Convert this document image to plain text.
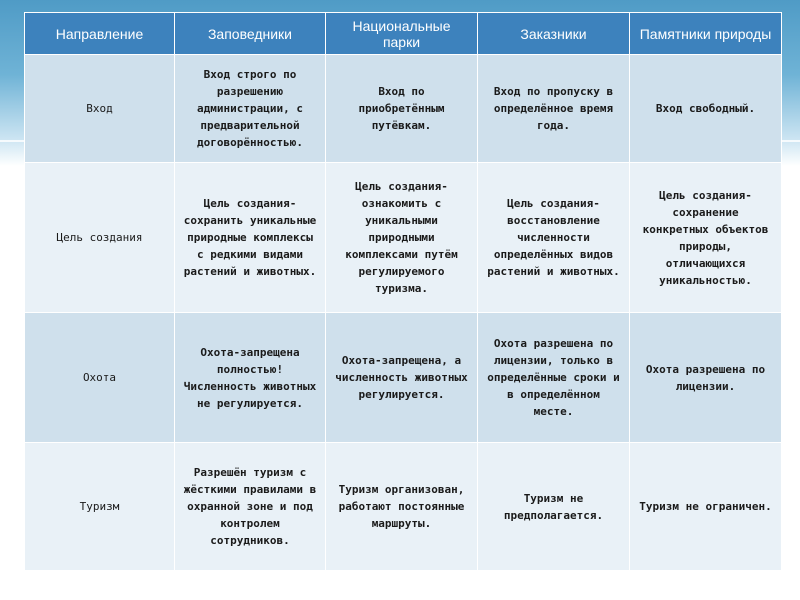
Направление	Заповедники	Национальные парки	Заказники	Памятники природы
Вход	Вход строго по разрешению администрации, с предварительной договорённостью.	Вход по приобретённым путёвкам.	Вход по пропуску в определённое время года.	Вход свободный.
Цель создания	Цель создания-сохранить уникальные природные комплексы с редкими видами растений и животных.	Цель создания-ознакомить с уникальными природными комплексами путём регулируемого туризма.	Цель создания-восстановление численности определённых видов растений и животных.	Цель создания-сохранение конкретных объектов природы, отличающихся уникальностью.
Охота	Охота-запрещена полностью! Численность животных не регулируется.	Охота-запрещена, а численность животных регулируется.	Охота разрешена по лицензии, только в определённые сроки и в определённом месте.	Охота разрешена по лицензии.
Туризм	Разрешён туризм с жёсткими правилами в охранной зоне и под контролем сотрудников.	Туризм организован, работают постоянные маршруты.	Туризм не предполагается.	Туризм не ограничен.
